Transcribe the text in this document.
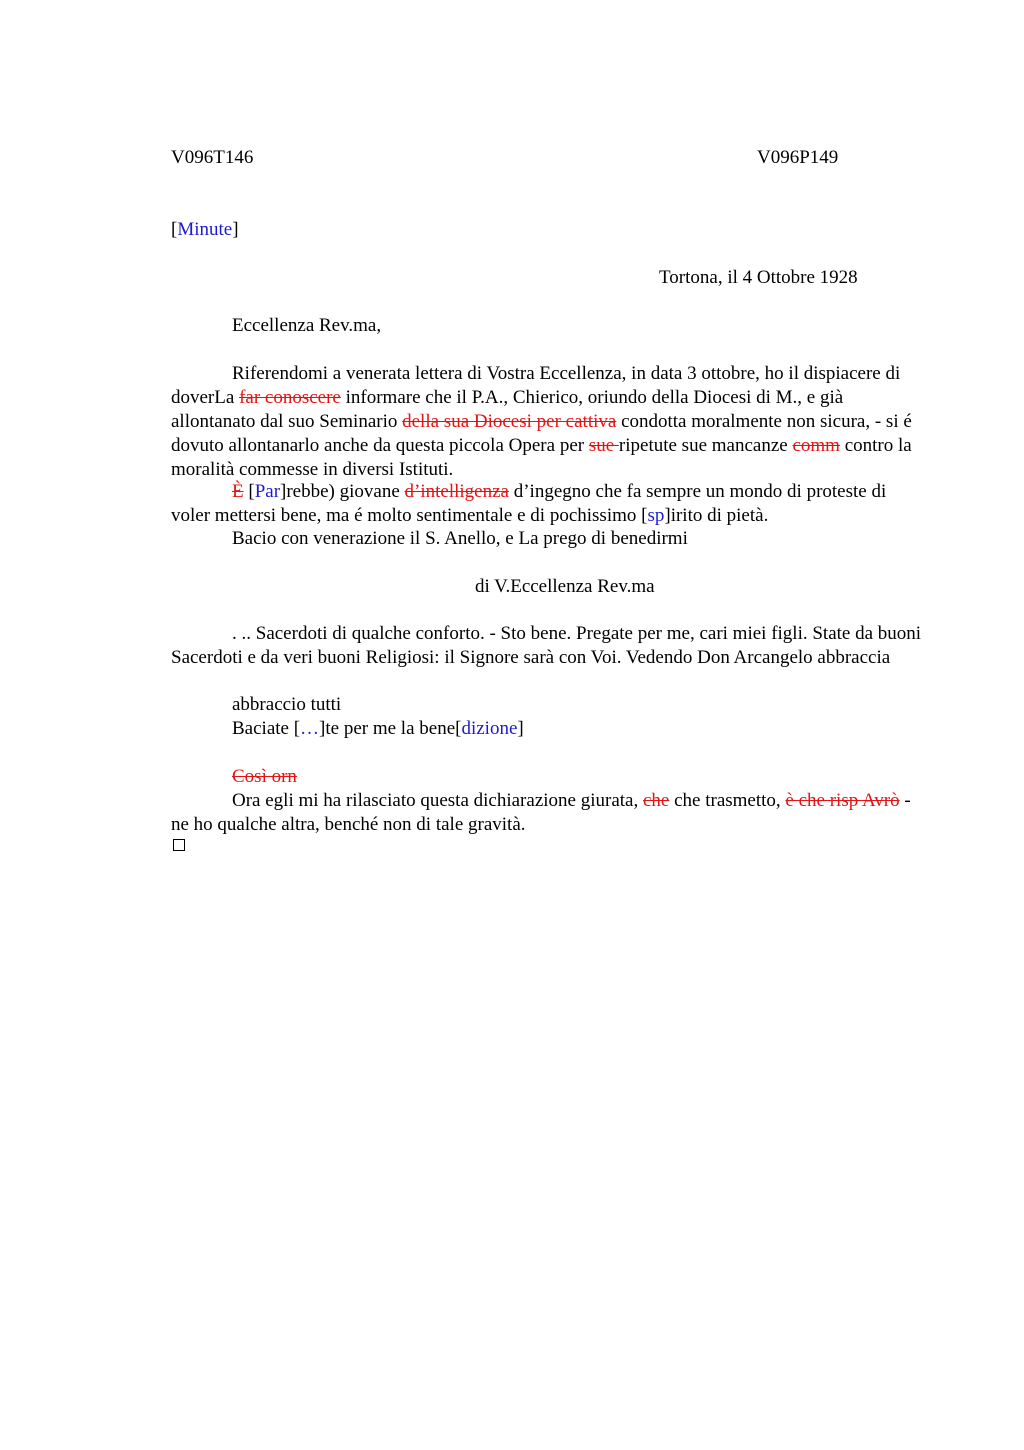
V096T146	V096P149
[Minute]
Tortona, il 4 Ottobre 1928
Eccellenza Rev.ma,
Riferendomi a venerata lettera di Vostra Eccellenza, in data 3 ottobre, ho il dispiacere di doverLa far conoscere informare che il P.A., Chierico, oriundo della Diocesi di M., e già allontanato dal suo Seminario della sua Diocesi per cattiva condotta moralmente non sicura, - si é dovuto allontanarlo anche da questa piccola Opera per sue ripetute sue mancanze comm contro la moralità commesse in diversi Istituti.
È [Par]rebbe) giovane d’intelligenza d’ingegno che fa sempre un mondo di proteste di voler mettersi bene, ma é molto sentimentale e di pochissimo [sp]irito di pietà.
Bacio con venerazione il S. Anello, e La prego di benedirmi
di V.Eccellenza Rev.ma
. .. Sacerdoti di qualche conforto. - Sto bene. Pregate per me, cari miei figli. State da buoni Sacerdoti e da veri buoni Religiosi: il Signore sarà con Voi. Vedendo Don Arcangelo abbraccia
abbraccio tutti
Baciate […]te per me la bene[dizione]
Così orn
Ora egli mi ha rilasciato questa dichiarazione giurata, che che trasmetto, è che risp Avrò - ne ho qualche altra, benché non di tale gravità.
